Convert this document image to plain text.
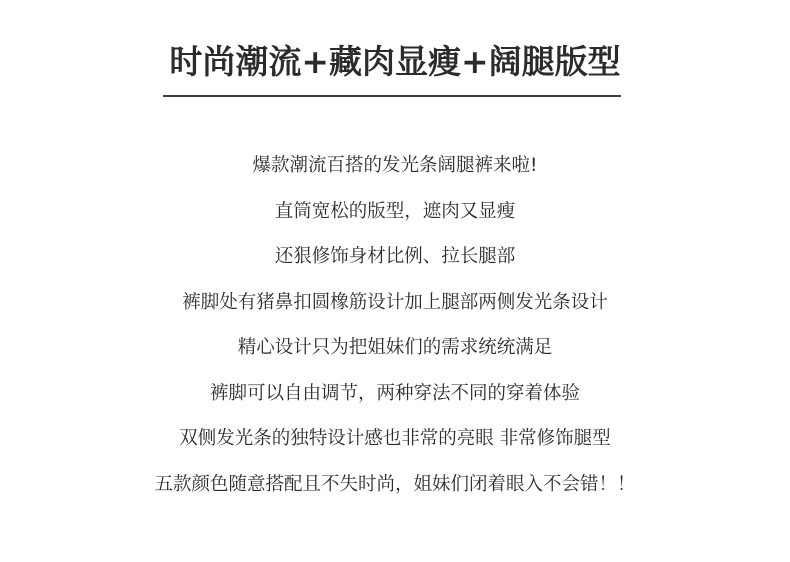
时尚潮流+藏肉显瘦+阔腿版型
爆款潮流百搭的发光条阔腿裤来啦!
直筒宽松的版型，遮肉又显瘦
还狠修饰身材比例、拉长腿部
裤脚处有猪鼻扣圆橡筋设计加上腿部两侧发光条设计
精心设计只为把姐妹们的需求统统满足
裤脚可以自由调节，两种穿法不同的穿着体验
双侧发光条的独特设计感也非常的亮眼 非常修饰腿型
五款颜色随意搭配且不失时尚，姐妹们闭着眼入不会错！！
